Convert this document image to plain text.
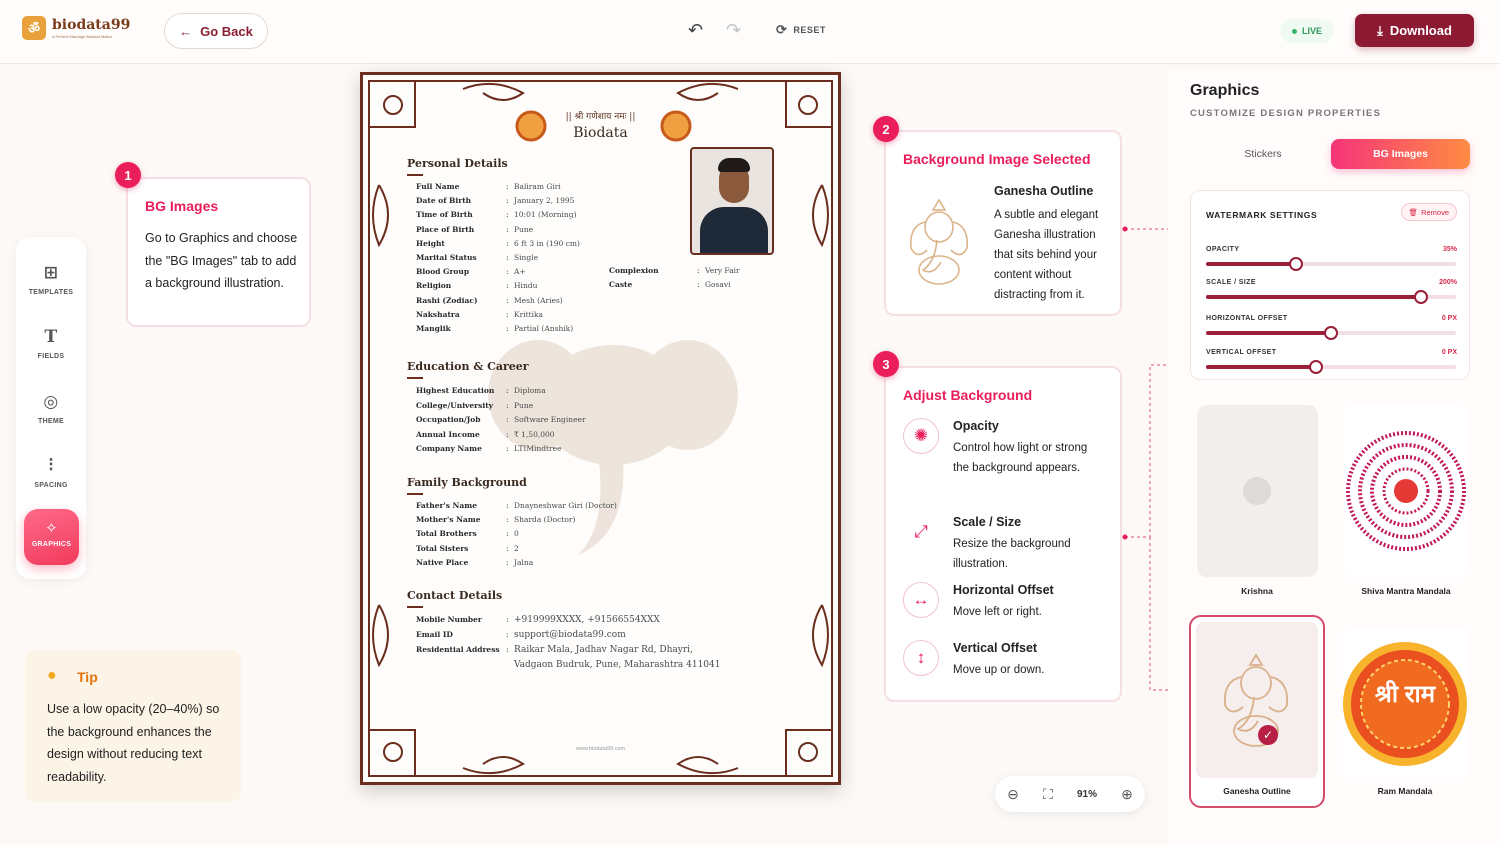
ॐ biodata99
A Perfect Marriage Biodata Maker	← Go Back	↶ ↷	⟳ RESET	LIVE	⤓ Download
⊞
TEMPLATES
T
FIELDS
◎
THEME
⫶
SPACING
✧
GRAPHICS
BG Images
Go to Graphics and choose the "BG Images" tab to add a background illustration.
1
● Tip
Use a low opacity (20–40%) so the background enhances the design without reducing text readability.
|| श्री गणेशाय नमः ||
Biodata
Personal Details
Education & Career
Family Background
Contact Details
www.biodata99.com
Full Name	: Baliram Giri
Date of Birth	: January 2, 1995
Time of Birth	: 10:01 (Morning)
Place of Birth	: Pune
Height	: 6 ft 3 in (190 cm)
Marital Status	: Single
Blood Group	: A+
Religion	: Hindu
Rashi (Zodiac)	: Mesh (Aries)
Nakshatra	: Krittika
Manglik	: Partial (Anshik)
Complexion	: Very Fair
Caste	: Gosavi
Highest Education	: Diploma
College/University	: Pune
Occupation/Job	: Software Engineer
Annual Income	: ₹ 1,50,000
Company Name	: LTIMindtree
Father's Name	: Dnayneshwar Giri (Doctor)
Mother's Name	: Sharda (Doctor)
Total Brothers	: 0
Total Sisters	: 2
Native Place	: Jalna
Mobile Number	: +919999XXXX, +91566554XXX
Email ID	: support@biodata99.com
Residential Address : Raikar Mala, Jadhav Nagar Rd, Dhayri,
Vadgaon Budruk, Pune, Maharashtra 411041
Background Image Selected
Ganesha Outline
A subtle and elegant Ganesha illustration that sits behind your content without distracting from it.
2
Adjust Background
✺	Opacity
Control how light or strong the background appears.
⤢	Scale / Size
Resize the background illustration.
↔	Horizontal Offset
Move left or right.
↕	Vertical Offset
Move up or down.
3
⊖ ⛶ 91% ⊕
Graphics
CUSTOMIZE DESIGN PROPERTIES
Stickers	BG Images
WATERMARK SETTINGS	🗑 Remove
OPACITY	35%
SCALE / SIZE	200%
HORIZONTAL OFFSET	0 PX
VERTICAL OFFSET	0 PX
Krishna	Shiva Mantra Mandala
✓
Ganesha Outline
श्री राम
Ram Mandala
